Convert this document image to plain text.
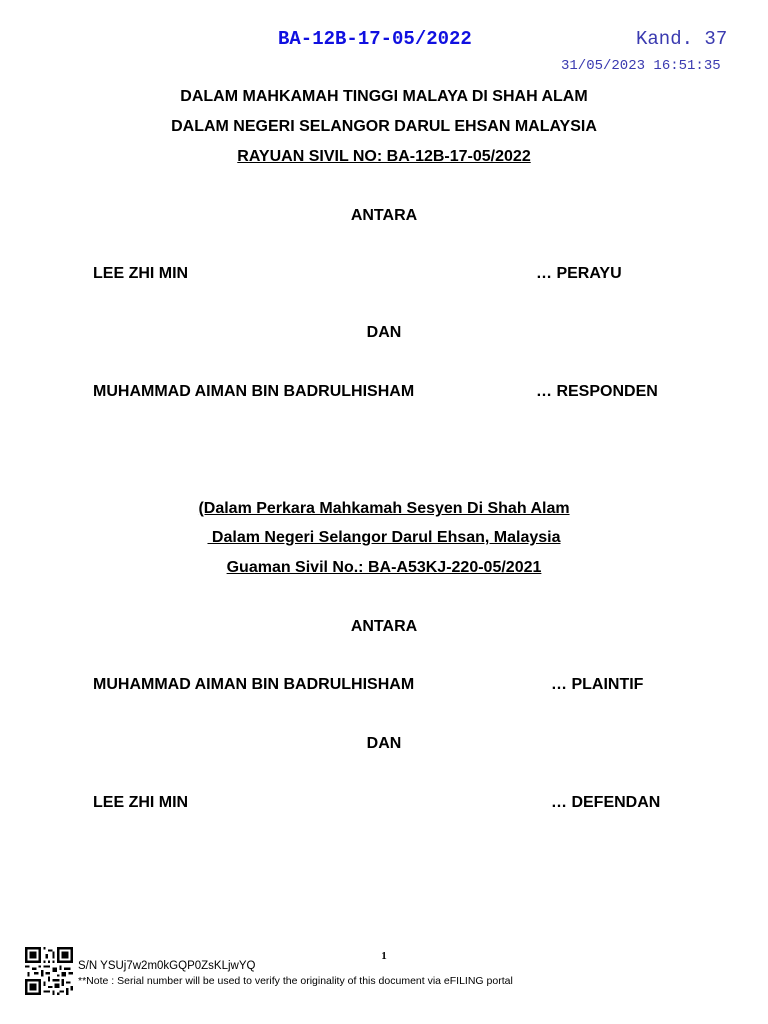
BA-12B-17-05/2022	Kand. 37
31/05/2023 16:51:35
DALAM MAHKAMAH TINGGI MALAYA DI SHAH ALAM
DALAM NEGERI SELANGOR DARUL EHSAN MALAYSIA
RAYUAN SIVIL NO: BA-12B-17-05/2022
ANTARA
LEE ZHI MIN	… PERAYU
DAN
MUHAMMAD AIMAN BIN BADRULHISHAM	… RESPONDEN
(Dalam Perkara Mahkamah Sesyen Di Shah Alam
Dalam Negeri Selangor Darul Ehsan, Malaysia
Guaman Sivil No.: BA-A53KJ-220-05/2021
ANTARA
MUHAMMAD AIMAN BIN BADRULHISHAM	… PLAINTIF
DAN
LEE ZHI MIN	… DEFENDAN
1
S/N YSUj7w2m0kGQP0ZsKLjwYQ
**Note : Serial number will be used to verify the originality of this document via eFILING portal
